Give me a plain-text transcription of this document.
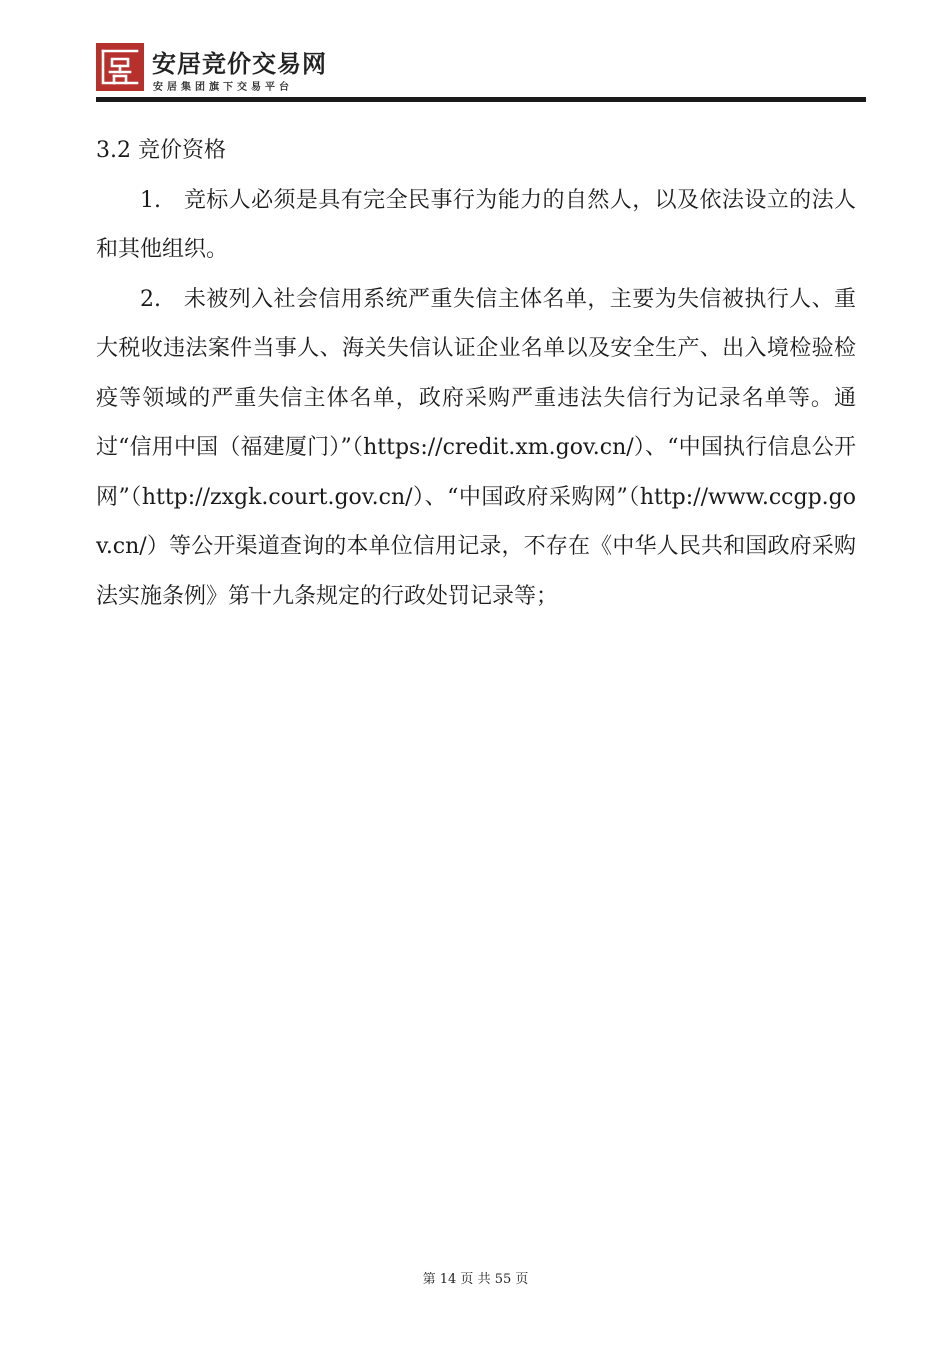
安居竞价交易网
安居集团旗下交易平台
3.2 竞价资格

1.　竞标人必须是具有完全民事行为能力的自然人，以及依法设立的法人和其他组织。

2.　未被列入社会信用系统严重失信主体名单，主要为失信被执行人、重大税收违法案件当事人、海关失信认证企业名单以及安全生产、出入境检验检疫等领域的严重失信主体名单，政府采购严重违法失信行为记录名单等。通过“信用中国（福建厦门）”（https://credit.xm.gov.cn/）、“中国执行信息公开网”（http://zxgk.court.gov.cn/）、“中国政府采购网”（http://www.ccgp.gov.cn/）等公开渠道查询的本单位信用记录，不存在《中华人民共和国政府采购法实施条例》第十九条规定的行政处罚记录等；

第 14 页 共 55 页
